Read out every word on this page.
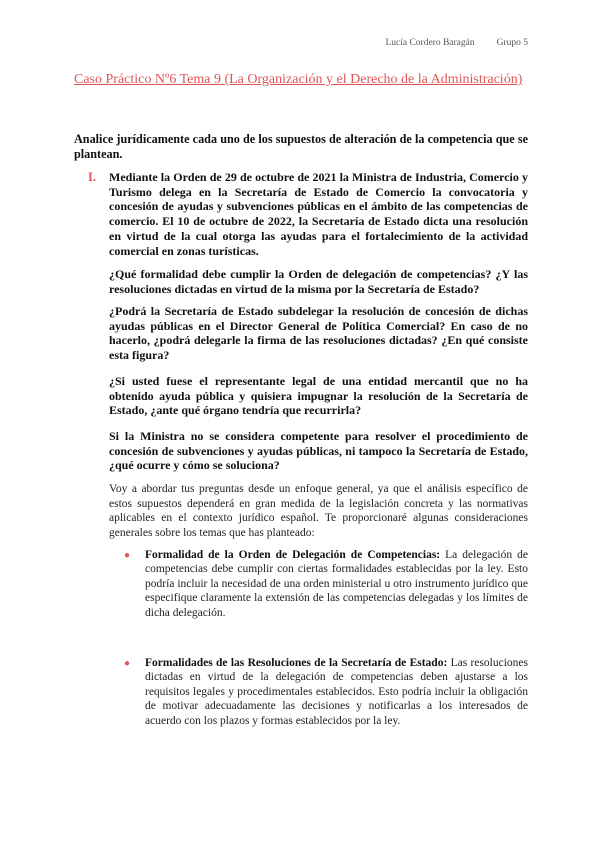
Lucía Cordero Baragán Grupo 5
Caso Práctico Nº6 Tema 9 (La Organización y el Derecho de la Administración)
Analice jurídicamente cada uno de los supuestos de alteración de la competencia que se plantean.
I. Mediante la Orden de 29 de octubre de 2021 la Ministra de Industria, Comercio y Turismo delega en la Secretaría de Estado de Comercio la convocatoria y concesión de ayudas y subvenciones públicas en el ámbito de las competencias de comercio. El 10 de octubre de 2022, la Secretaría de Estado dicta una resolución en virtud de la cual otorga las ayudas para el fortalecimiento de la actividad comercial en zonas turísticas.
¿Qué formalidad debe cumplir la Orden de delegación de competencias? ¿Y las resoluciones dictadas en virtud de la misma por la Secretaría de Estado?
¿Podrá la Secretaría de Estado subdelegar la resolución de concesión de dichas ayudas públicas en el Director General de Política Comercial? En caso de no hacerlo, ¿podrá delegarle la firma de las resoluciones dictadas? ¿En qué consiste esta figura?
¿Si usted fuese el representante legal de una entidad mercantil que no ha obtenido ayuda pública y quisiera impugnar la resolución de la Secretaría de Estado, ¿ante qué órgano tendría que recurrirla?
Si la Ministra no se considera competente para resolver el procedimiento de concesión de subvenciones y ayudas públicas, ni tampoco la Secretaría de Estado, ¿qué ocurre y cómo se soluciona?
Voy a abordar tus preguntas desde un enfoque general, ya que el análisis específico de estos supuestos dependerá en gran medida de la legislación concreta y las normativas aplicables en el contexto jurídico español. Te proporcionaré algunas consideraciones generales sobre los temas que has planteado:
● Formalidad de la Orden de Delegación de Competencias: La delegación de competencias debe cumplir con ciertas formalidades establecidas por la ley. Esto podría incluir la necesidad de una orden ministerial u otro instrumento jurídico que especifique claramente la extensión de las competencias delegadas y los límites de dicha delegación.
● Formalidades de las Resoluciones de la Secretaría de Estado: Las resoluciones dictadas en virtud de la delegación de competencias deben ajustarse a los requisitos legales y procedimentales establecidos. Esto podría incluir la obligación de motivar adecuadamente las decisiones y notificarlas a los interesados de acuerdo con los plazos y formas establecidos por la ley.
